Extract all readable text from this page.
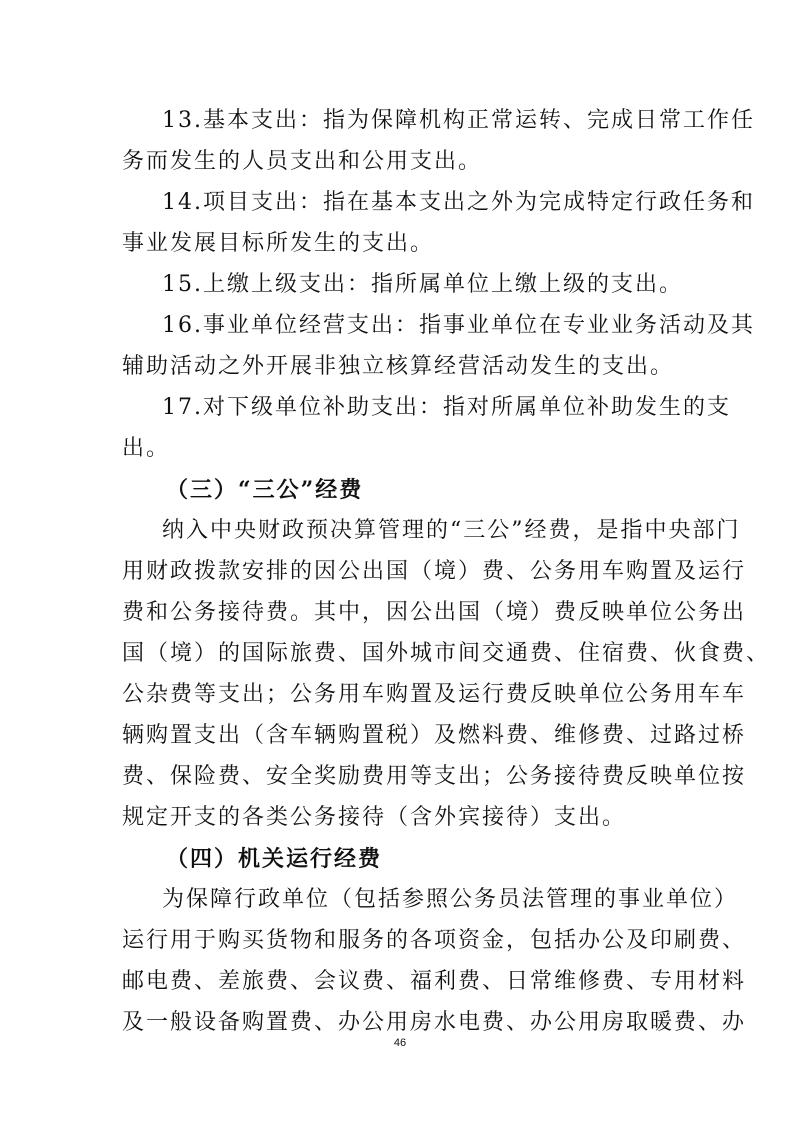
13.基本支出：指为保障机构正常运转、完成日常工作任
务而发生的人员支出和公用支出。
14.项目支出：指在基本支出之外为完成特定行政任务和
事业发展目标所发生的支出。
15.上缴上级支出：指所属单位上缴上级的支出。
16.事业单位经营支出：指事业单位在专业业务活动及其
辅助活动之外开展非独立核算经营活动发生的支出。
17.对下级单位补助支出：指对所属单位补助发生的支
出。
（三）“三公”经费
纳入中央财政预决算管理的“三公”经费，是指中央部门
用财政拨款安排的因公出国（境）费、公务用车购置及运行
费和公务接待费。其中，因公出国（境）费反映单位公务出
国（境）的国际旅费、国外城市间交通费、住宿费、伙食费、
公杂费等支出；公务用车购置及运行费反映单位公务用车车
辆购置支出（含车辆购置税）及燃料费、维修费、过路过桥
费、保险费、安全奖励费用等支出；公务接待费反映单位按
规定开支的各类公务接待（含外宾接待）支出。
（四）机关运行经费
为保障行政单位（包括参照公务员法管理的事业单位）
运行用于购买货物和服务的各项资金，包括办公及印刷费、
邮电费、差旅费、会议费、福利费、日常维修费、专用材料
及一般设备购置费、办公用房水电费、办公用房取暖费、办
46
